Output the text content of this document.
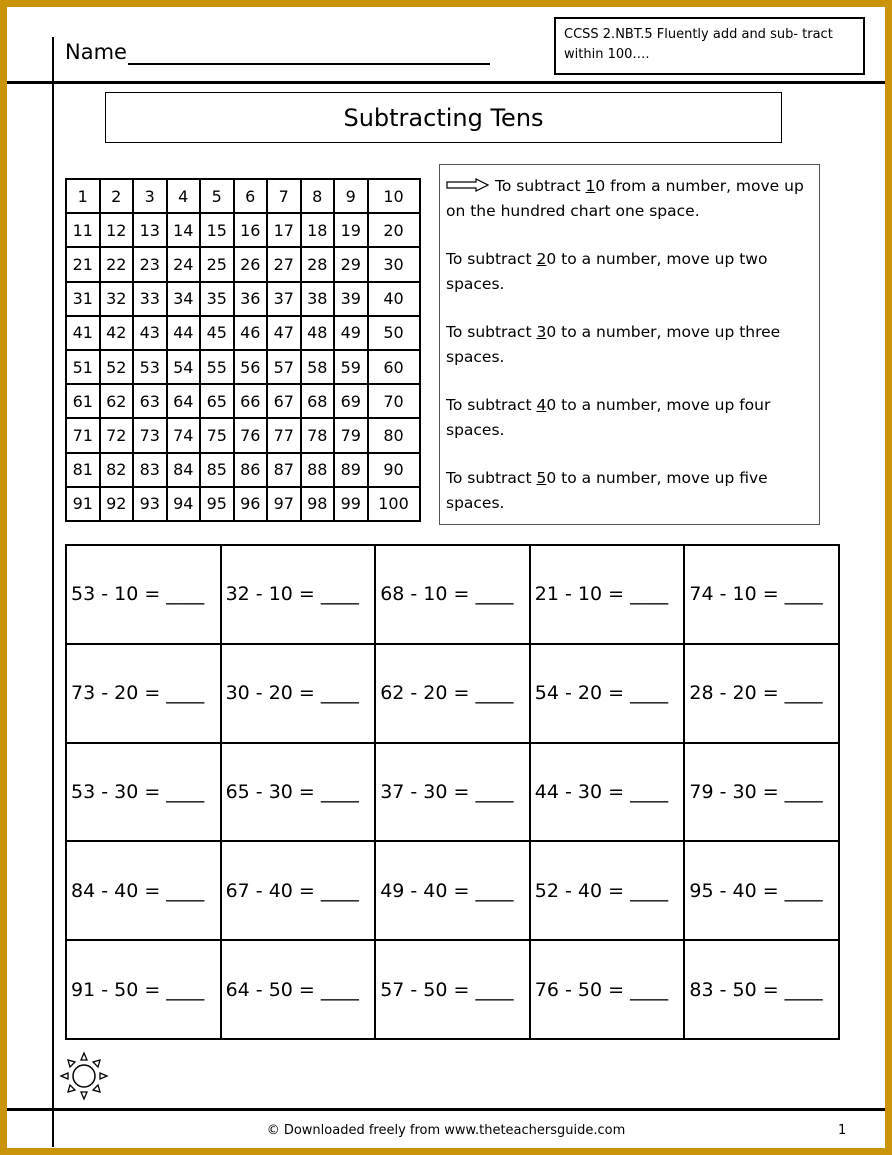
Name
CCSS 2.NBT.5 Fluently add and sub- tract within 100….
Subtracting Tens
1	2	3	4	5	6	7	8	9	10
11	12	13	14	15	16	17	18	19	20
21	22	23	24	25	26	27	28	29	30
31	32	33	34	35	36	37	38	39	40
41	42	43	44	45	46	47	48	49	50
51	52	53	54	55	56	57	58	59	60
61	62	63	64	65	66	67	68	69	70
71	72	73	74	75	76	77	78	79	80
81	82	83	84	85	86	87	88	89	90
91	92	93	94	95	96	97	98	99	100
To subtract 10 from a number, move up on the hundred chart one space.
To subtract 20 to a number, move up two spaces.
To subtract 30 to a number, move up three spaces.
To subtract 40 to a number, move up four spaces.
To subtract 50 to a number, move up five spaces.
53 - 10 = ____	32 - 10 = ____	68 - 10 = ____	21 - 10 = ____	74 - 10 = ____
73 - 20 = ____	30 - 20 = ____	62 - 20 = ____	54 - 20 = ____	28 - 20 = ____
53 - 30 = ____	65 - 30 = ____	37 - 30 = ____	44 - 30 = ____	79 - 30 = ____
84 - 40 = ____	67 - 40 = ____	49 - 40 = ____	52 - 40 = ____	95 - 40 = ____
91 - 50 = ____	64 - 50 = ____	57 - 50 = ____	76 - 50 = ____	83 - 50 = ____
© Downloaded freely from www.theteachersguide.com	1
